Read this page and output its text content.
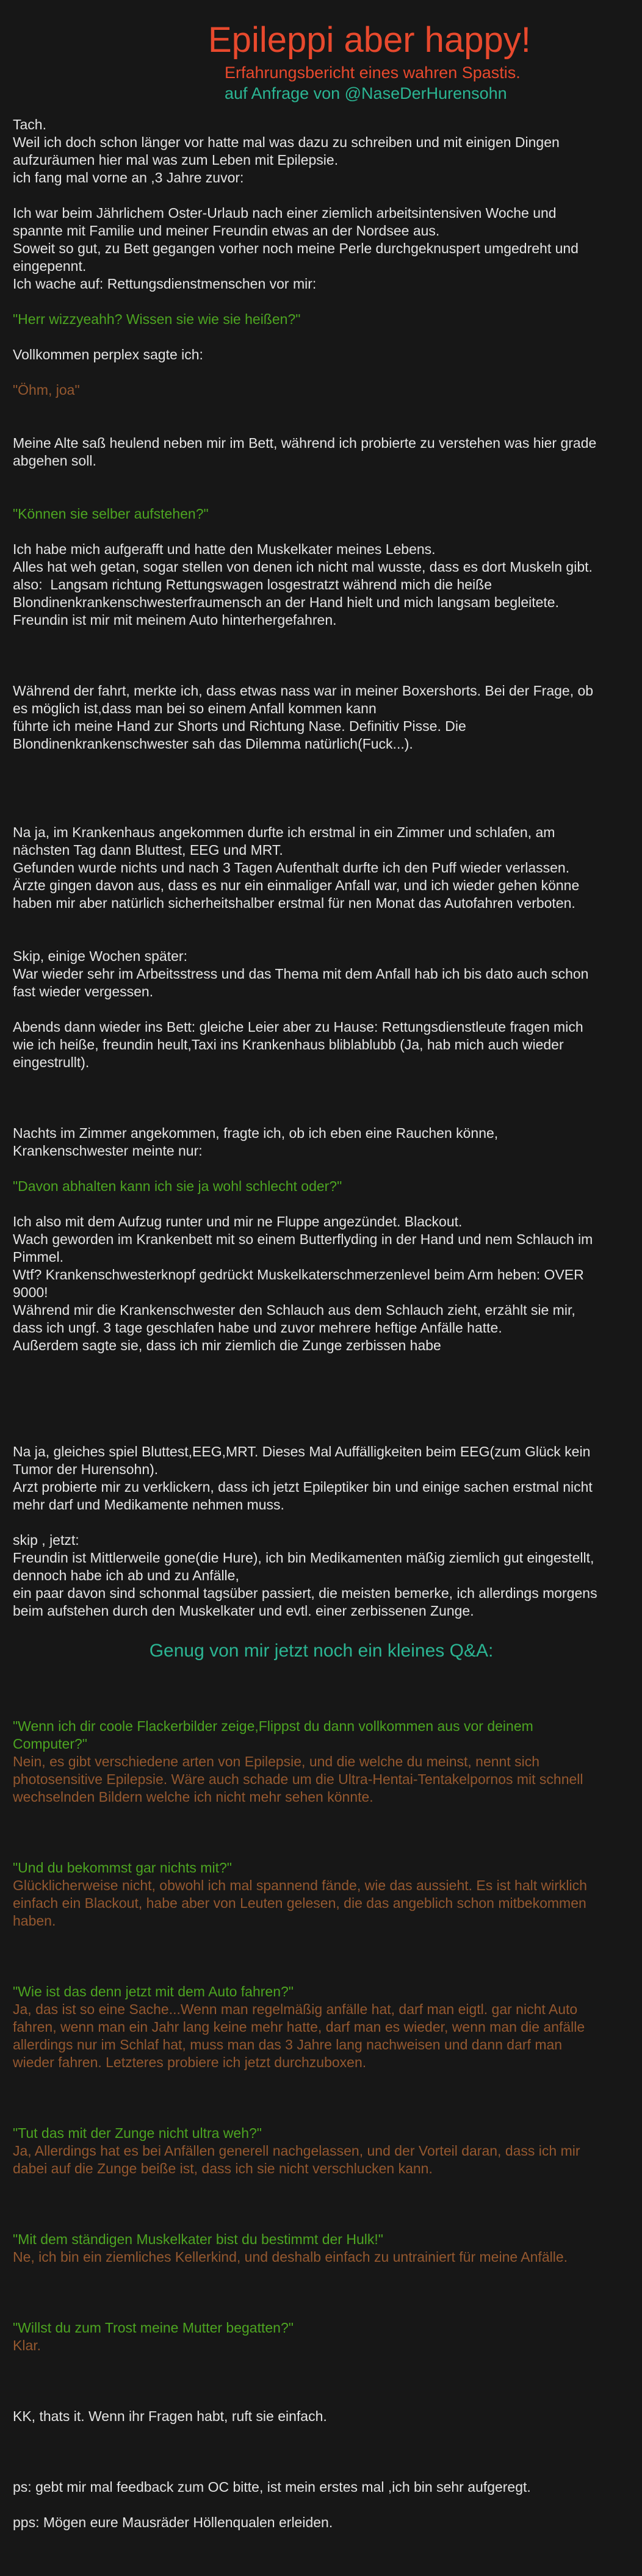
Epileppi aber happy!
Erfahrungsbericht eines wahren Spastis.
auf Anfrage von @NaseDerHurensohn
Tach.
Weil ich doch schon länger vor hatte mal was dazu zu schreiben und mit einigen Dingen
aufzuräumen hier mal was zum Leben mit Epilepsie.
ich fang mal vorne an ,3 Jahre zuvor:
Ich war beim Jährlichem Oster-Urlaub nach einer ziemlich arbeitsintensiven Woche und
spannte mit Familie und meiner Freundin etwas an der Nordsee aus.
Soweit so gut, zu Bett gegangen vorher noch meine Perle durchgeknuspert umgedreht und
eingepennt.
Ich wache auf: Rettungsdienstmenschen vor mir:
"Herr wizzyeahh? Wissen sie wie sie heißen?"
Vollkommen perplex sagte ich:
"Öhm, joa"
Meine Alte saß heulend neben mir im Bett, während ich probierte zu verstehen was hier grade
abgehen soll.
"Können sie selber aufstehen?"
Ich habe mich aufgerafft und hatte den Muskelkater meines Lebens.
Alles hat weh getan, sogar stellen von denen ich nicht mal wusste, dass es dort Muskeln gibt.
also:  Langsam richtung Rettungswagen losgestratzt während mich die heiße
Blondinenkrankenschwesterfraumensch an der Hand hielt und mich langsam begleitete.
Freundin ist mir mit meinem Auto hinterhergefahren.
Während der fahrt, merkte ich, dass etwas nass war in meiner Boxershorts. Bei der Frage, ob
es möglich ist,dass man bei so einem Anfall kommen kann
führte ich meine Hand zur Shorts und Richtung Nase. Definitiv Pisse. Die
Blondinenkrankenschwester sah das Dilemma natürlich(Fuck...).
Na ja, im Krankenhaus angekommen durfte ich erstmal in ein Zimmer und schlafen, am
nächsten Tag dann Bluttest, EEG und MRT.
Gefunden wurde nichts und nach 3 Tagen Aufenthalt durfte ich den Puff wieder verlassen.
Ärzte gingen davon aus, dass es nur ein einmaliger Anfall war, und ich wieder gehen könne
haben mir aber natürlich sicherheitshalber erstmal für nen Monat das Autofahren verboten.
Skip, einige Wochen später:
War wieder sehr im Arbeitsstress und das Thema mit dem Anfall hab ich bis dato auch schon
fast wieder vergessen.
Abends dann wieder ins Bett: gleiche Leier aber zu Hause: Rettungsdienstleute fragen mich
wie ich heiße, freundin heult,Taxi ins Krankenhaus bliblablubb (Ja, hab mich auch wieder
eingestrullt).
Nachts im Zimmer angekommen, fragte ich, ob ich eben eine Rauchen könne,
Krankenschwester meinte nur:
"Davon abhalten kann ich sie ja wohl schlecht oder?"
Ich also mit dem Aufzug runter und mir ne Fluppe angezündet. Blackout.
Wach geworden im Krankenbett mit so einem Butterflyding in der Hand und nem Schlauch im
Pimmel.
Wtf? Krankenschwesterknopf gedrückt Muskelkaterschmerzenlevel beim Arm heben: OVER
9000!
Während mir die Krankenschwester den Schlauch aus dem Schlauch zieht, erzählt sie mir,
dass ich ungf. 3 tage geschlafen habe und zuvor mehrere heftige Anfälle hatte.
Außerdem sagte sie, dass ich mir ziemlich die Zunge zerbissen habe
Na ja, gleiches spiel Bluttest,EEG,MRT. Dieses Mal Auffälligkeiten beim EEG(zum Glück kein
Tumor der Hurensohn).
Arzt probierte mir zu verklickern, dass ich jetzt Epileptiker bin und einige sachen erstmal nicht
mehr darf und Medikamente nehmen muss.
skip , jetzt:
Freundin ist Mittlerweile gone(die Hure), ich bin Medikamenten mäßig ziemlich gut eingestellt,
dennoch habe ich ab und zu Anfälle,
ein paar davon sind schonmal tagsüber passiert, die meisten bemerke, ich allerdings morgens
beim aufstehen durch den Muskelkater und evtl. einer zerbissenen Zunge.
Genug von mir jetzt noch ein kleines Q&A:
"Wenn ich dir coole Flackerbilder zeige,Flippst du dann vollkommen aus vor deinem
Computer?"
Nein, es gibt verschiedene arten von Epilepsie, und die welche du meinst, nennt sich
photosensitive Epilepsie. Wäre auch schade um die Ultra-Hentai-Tentakelpornos mit schnell
wechselnden Bildern welche ich nicht mehr sehen könnte.
"Und du bekommst gar nichts mit?"
Glücklicherweise nicht, obwohl ich mal spannend fände, wie das aussieht. Es ist halt wirklich
einfach ein Blackout, habe aber von Leuten gelesen, die das angeblich schon mitbekommen
haben.
"Wie ist das denn jetzt mit dem Auto fahren?"
Ja, das ist so eine Sache...Wenn man regelmäßig anfälle hat, darf man eigtl. gar nicht Auto
fahren, wenn man ein Jahr lang keine mehr hatte, darf man es wieder, wenn man die anfälle
allerdings nur im Schlaf hat, muss man das 3 Jahre lang nachweisen und dann darf man
wieder fahren. Letzteres probiere ich jetzt durchzuboxen.
"Tut das mit der Zunge nicht ultra weh?"
Ja, Allerdings hat es bei Anfällen generell nachgelassen, und der Vorteil daran, dass ich mir
dabei auf die Zunge beiße ist, dass ich sie nicht verschlucken kann.
"Mit dem ständigen Muskelkater bist du bestimmt der Hulk!"
Ne, ich bin ein ziemliches Kellerkind, und deshalb einfach zu untrainiert für meine Anfälle.
"Willst du zum Trost meine Mutter begatten?"
Klar.
KK, thats it. Wenn ihr Fragen habt, ruft sie einfach.
ps: gebt mir mal feedback zum OC bitte, ist mein erstes mal ,ich bin sehr aufgeregt.
pps: Mögen eure Mausräder Höllenqualen erleiden.
